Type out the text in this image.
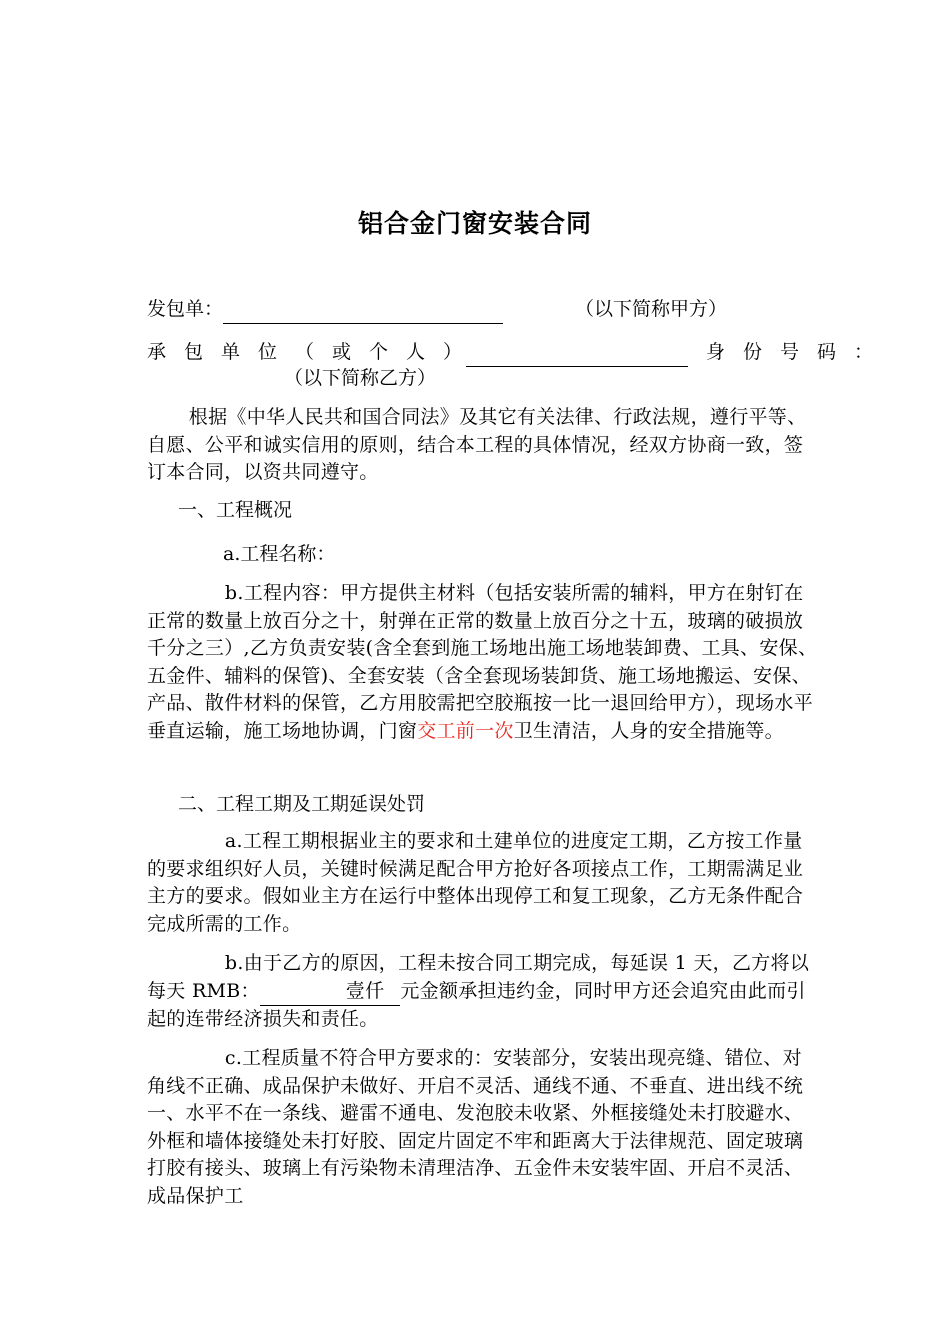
铝合金门窗安装合同
发包单：	（以下简称甲方）
承包单位（或个人）	身份号码：
（以下简称乙方）
根据《中华人民共和国合同法》及其它有关法律、行政法规，遵行平等、自愿、公平和诚实信用的原则，结合本工程的具体情况，经双方协商一致，签订本合同，以资共同遵守。
一、工程概况
a.工程名称：
b.工程内容：甲方提供主材料（包括安装所需的辅料，甲方在射钉在正常的数量上放百分之十，射弹在正常的数量上放百分之十五，玻璃的破损放千分之三）,乙方负责安装(含全套到施工场地出施工场地装卸费、工具、安保、五金件、辅料的保管)、全套安装（含全套现场装卸货、施工场地搬运、安保、产品、散件材料的保管，乙方用胶需把空胶瓶按一比一退回给甲方），现场水平垂直运输，施工场地协调，门窗交工前一次卫生清洁，人身的安全措施等。
二、工程工期及工期延误处罚
a.工程工期根据业主的要求和土建单位的进度定工期，乙方按工作量的要求组织好人员，关键时候满足配合甲方抢好各项接点工作，工期需满足业主方的要求。假如业主方在运行中整体出现停工和复工现象，乙方无条件配合完成所需的工作。
b.由于乙方的原因，工程未按合同工期完成，每延误 1 天，乙方将以每天 RMB：	壹仟 元金额承担违约金，同时甲方还会追究由此而引起的连带经济损失和责任。
c.工程质量不符合甲方要求的：安装部分，安装出现亮缝、错位、对角线不正确、成品保护未做好、开启不灵活、通线不通、不垂直、进出线不统一、水平不在一条线、避雷不通电、发泡胶未收紧、外框接缝处未打胶避水、外框和墙体接缝处未打好胶、固定片固定不牢和距离大于法律规范、固定玻璃打胶有接头、玻璃上有污染物未清理洁净、五金件未安装牢固、开启不灵活、成品保护工
